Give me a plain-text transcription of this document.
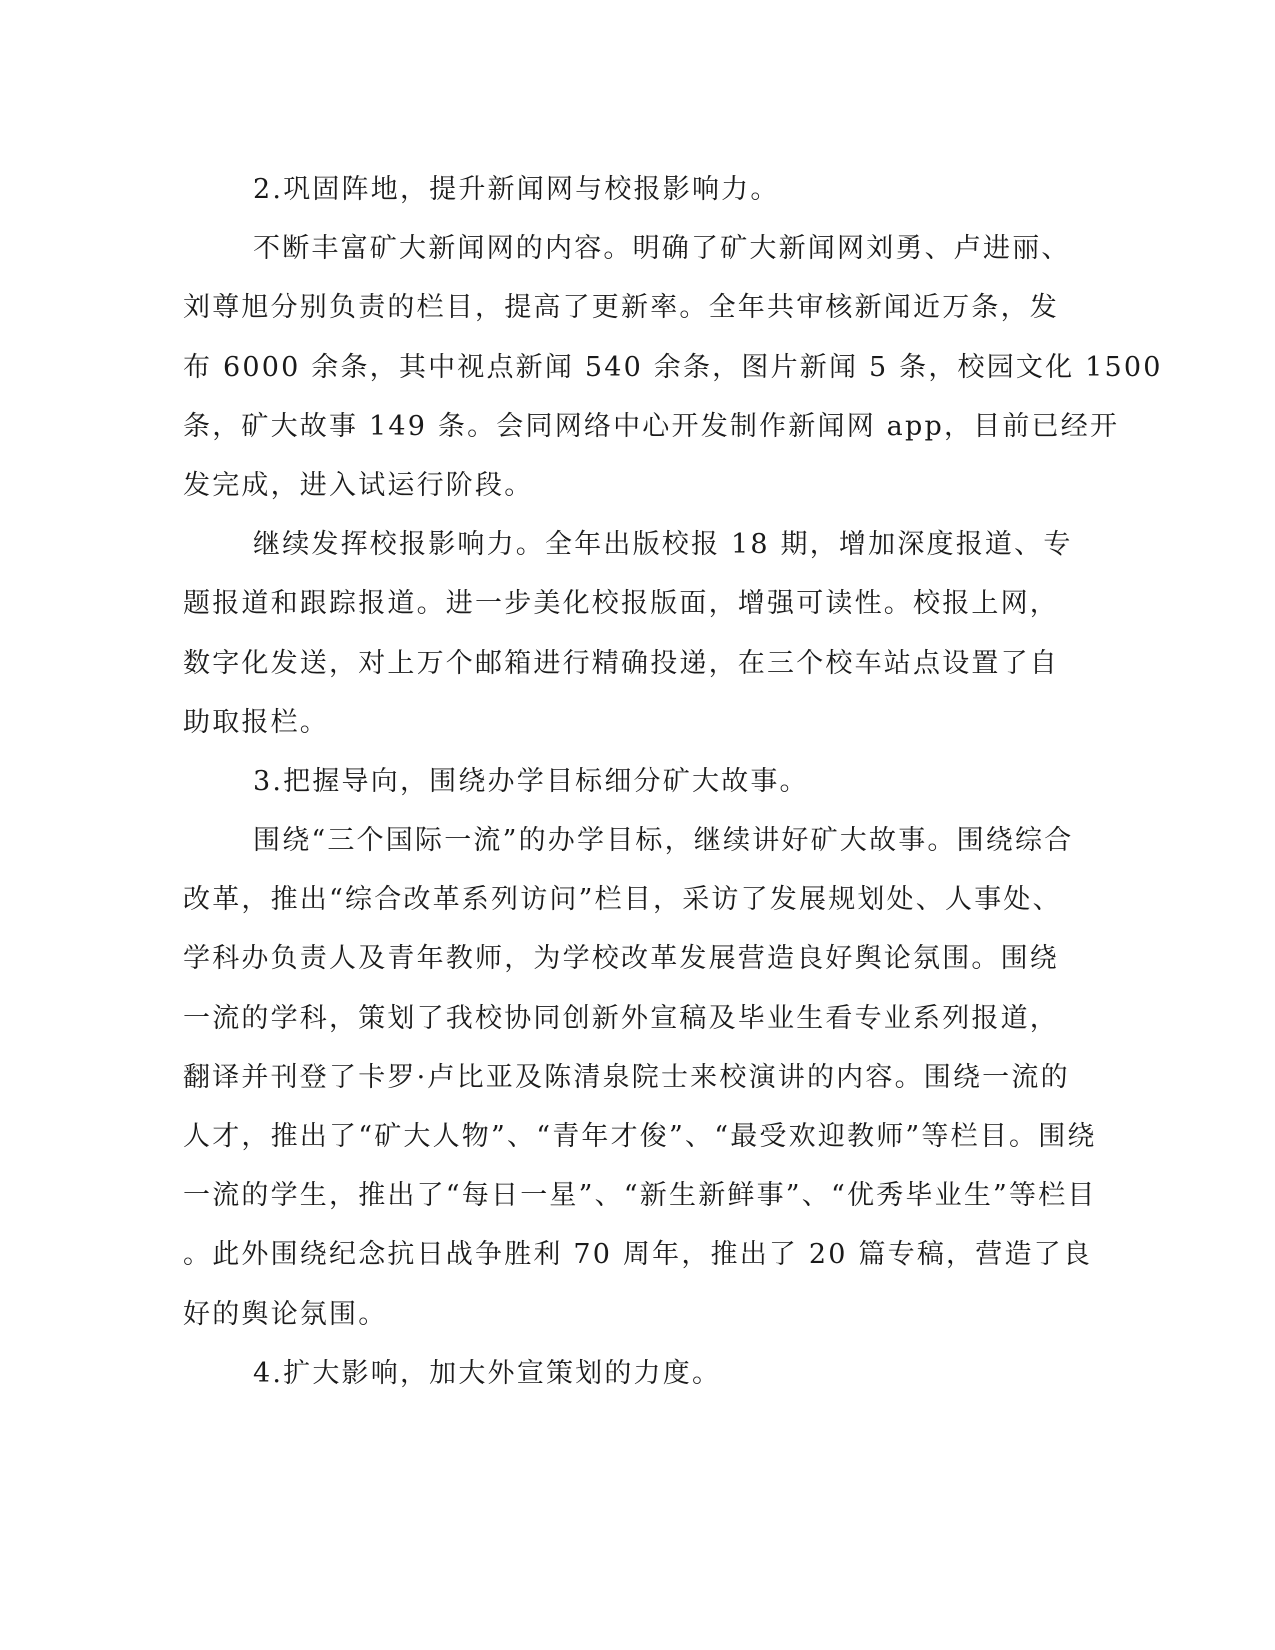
2.巩固阵地，提升新闻网与校报影响力。
不断丰富矿大新闻网的内容。明确了矿大新闻网刘勇、卢进丽、
刘尊旭分别负责的栏目，提高了更新率。全年共审核新闻近万条，发
布 6000 余条，其中视点新闻 540 余条，图片新闻 5 条，校园文化 1500
条，矿大故事 149 条。会同网络中心开发制作新闻网 app，目前已经开
发完成，进入试运行阶段。
继续发挥校报影响力。全年出版校报 18 期，增加深度报道、专
题报道和跟踪报道。进一步美化校报版面，增强可读性。校报上网，
数字化发送，对上万个邮箱进行精确投递，在三个校车站点设置了自
助取报栏。
3.把握导向，围绕办学目标细分矿大故事。
围绕“三个国际一流”的办学目标，继续讲好矿大故事。围绕综合
改革，推出“综合改革系列访问”栏目，采访了发展规划处、人事处、
学科办负责人及青年教师，为学校改革发展营造良好舆论氛围。围绕
一流的学科，策划了我校协同创新外宣稿及毕业生看专业系列报道，
翻译并刊登了卡罗·卢比亚及陈清泉院士来校演讲的内容。围绕一流的
人才，推出了“矿大人物”、“青年才俊”、“最受欢迎教师”等栏目。围绕
一流的学生，推出了“每日一星”、“新生新鲜事”、“优秀毕业生”等栏目
。此外围绕纪念抗日战争胜利 70 周年，推出了 20 篇专稿，营造了良
好的舆论氛围。
4.扩大影响，加大外宣策划的力度。
